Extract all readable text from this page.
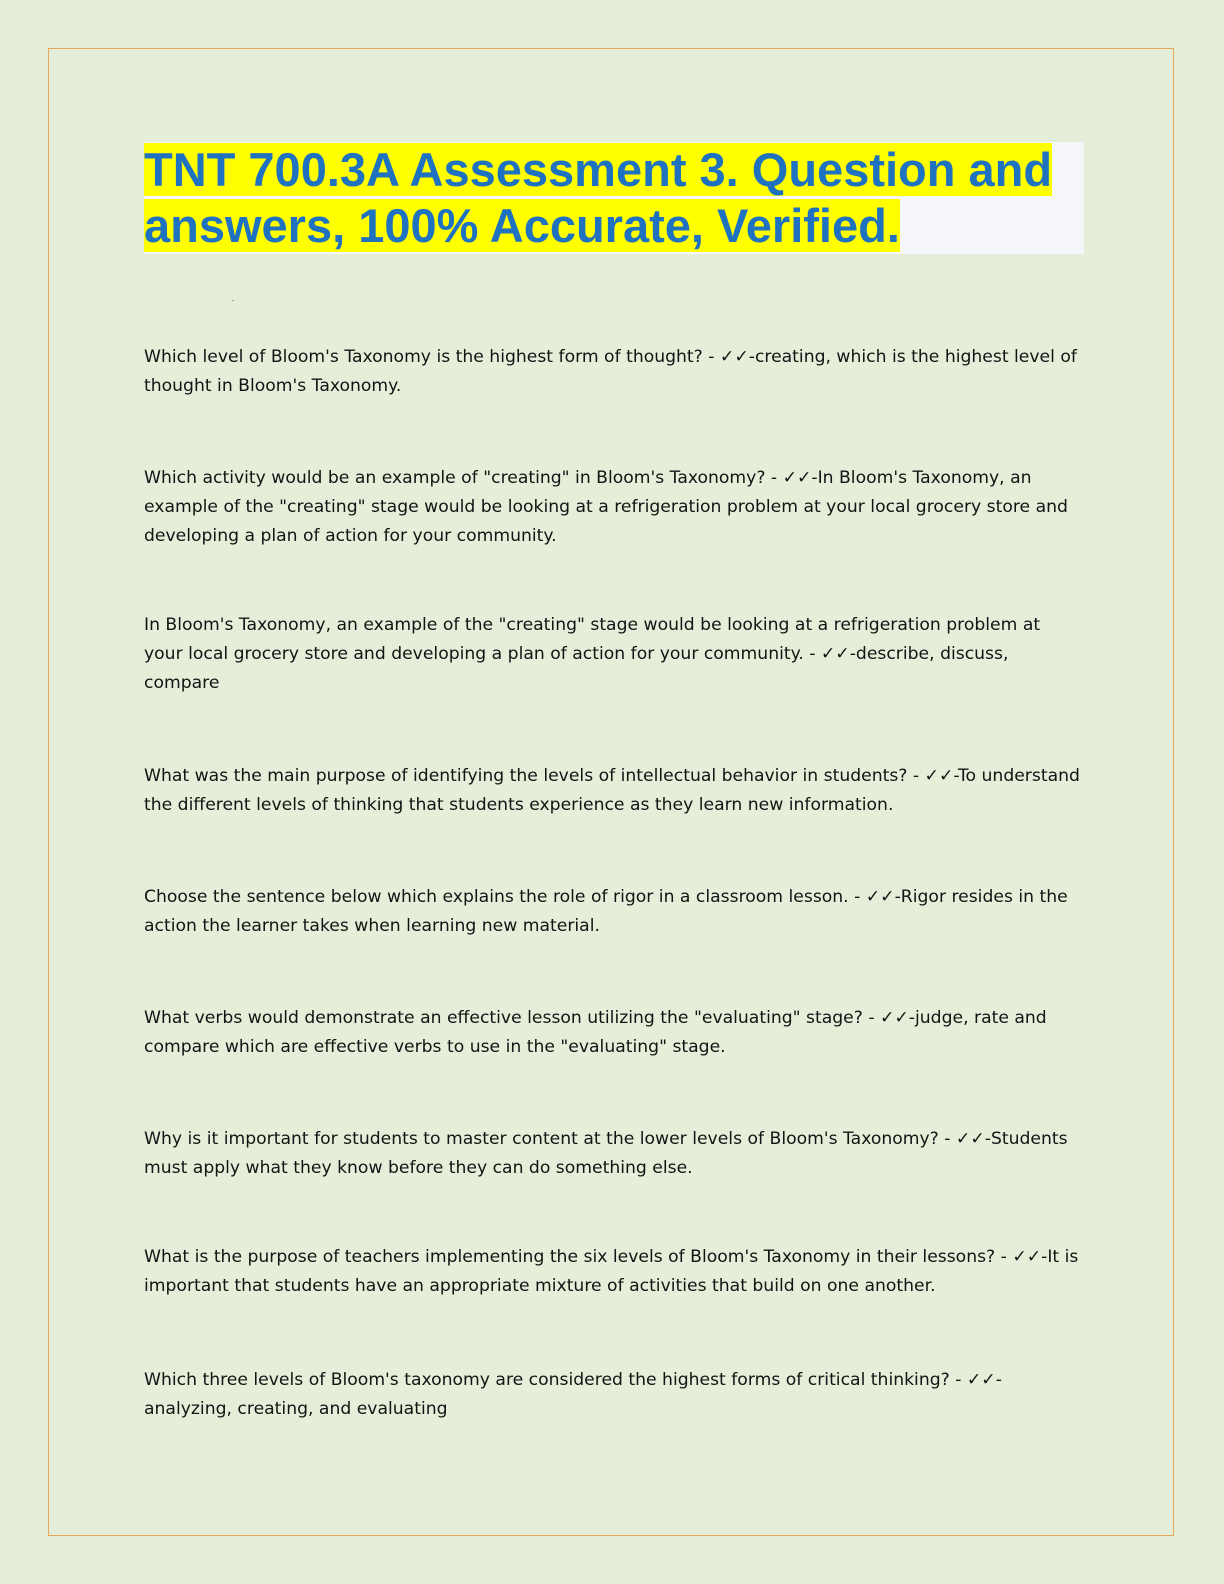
TNT 700.3A Assessment 3. Question and answers, 100% Accurate, Verified.

Which level of Bloom's Taxonomy is the highest form of thought? - ✓✓-creating, which is the highest level of thought in Bloom's Taxonomy.

Which activity would be an example of "creating" in Bloom's Taxonomy? - ✓✓-In Bloom's Taxonomy, an example of the "creating" stage would be looking at a refrigeration problem at your local grocery store and developing a plan of action for your community.

In Bloom's Taxonomy, an example of the "creating" stage would be looking at a refrigeration problem at your local grocery store and developing a plan of action for your community. - ✓✓-describe, discuss, compare

What was the main purpose of identifying the levels of intellectual behavior in students? - ✓✓-To understand the different levels of thinking that students experience as they learn new information.

Choose the sentence below which explains the role of rigor in a classroom lesson. - ✓✓-Rigor resides in the action the learner takes when learning new material.

What verbs would demonstrate an effective lesson utilizing the "evaluating" stage? - ✓✓-judge, rate and compare which are effective verbs to use in the "evaluating" stage.

Why is it important for students to master content at the lower levels of Bloom's Taxonomy? - ✓✓-Students must apply what they know before they can do something else.

What is the purpose of teachers implementing the six levels of Bloom's Taxonomy in their lessons? - ✓✓-It is important that students have an appropriate mixture of activities that build on one another.

Which three levels of Bloom's taxonomy are considered the highest forms of critical thinking? - ✓✓-analyzing, creating, and evaluating
